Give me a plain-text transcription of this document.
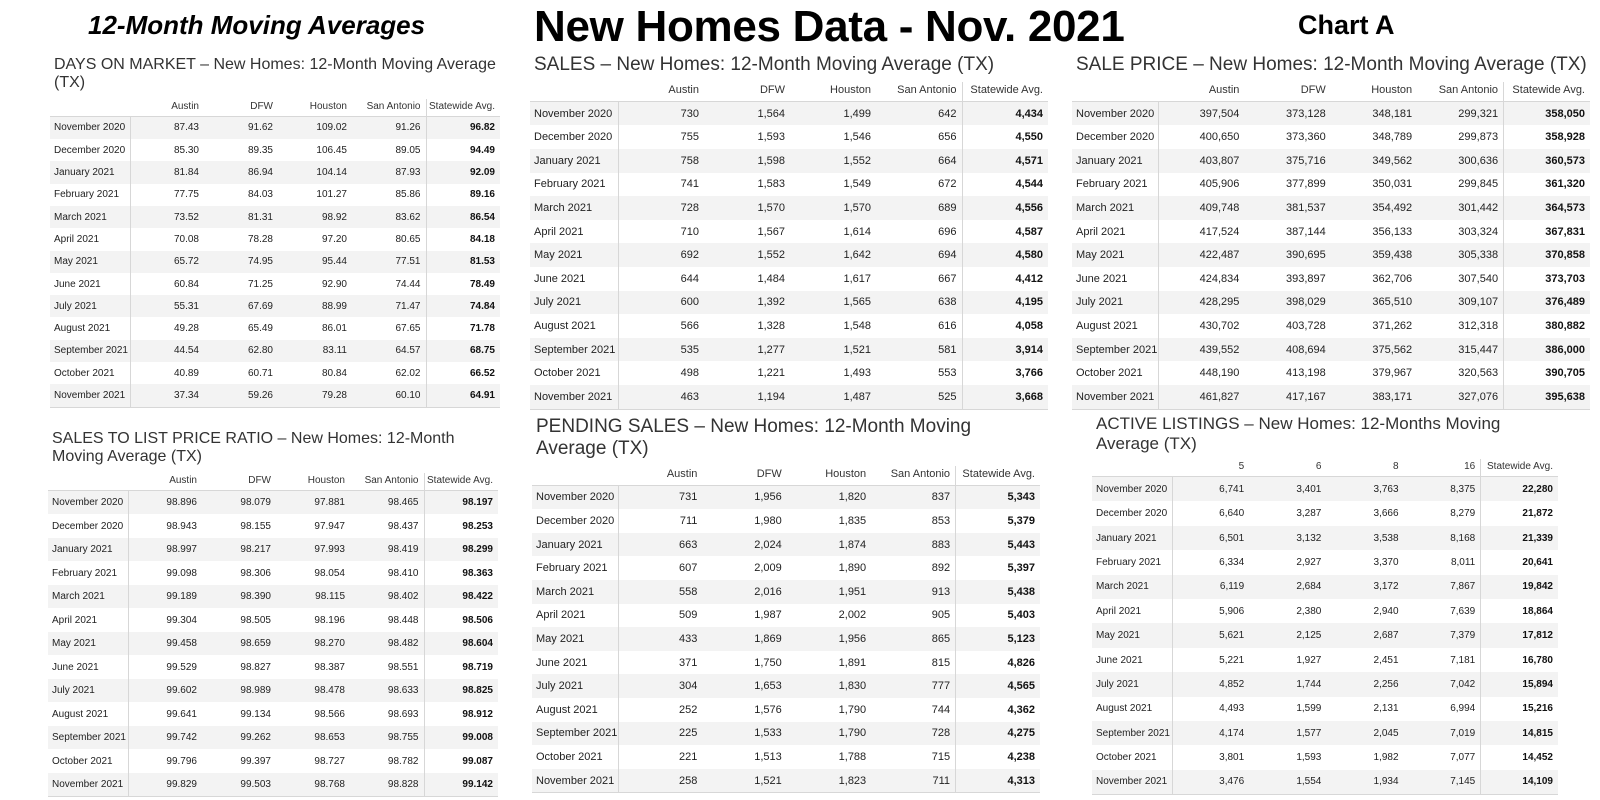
12-Month Moving Averages New Homes Data - Nov. 2021	Chart A
DAYS ON MARKET – New Homes: 12-Month Moving Average (TX)
	Austin	DFW	Houston	San Antonio	Statewide Avg.
November 2020	87.43	91.62	109.02	91.26	96.82
December 2020	85.30	89.35	106.45	89.05	94.49
January 2021	81.84	86.94	104.14	87.93	92.09
February 2021	77.75	84.03	101.27	85.86	89.16
March 2021	73.52	81.31	98.92	83.62	86.54
April 2021	70.08	78.28	97.20	80.65	84.18
May 2021	65.72	74.95	95.44	77.51	81.53
June 2021	60.84	71.25	92.90	74.44	78.49
July 2021	55.31	67.69	88.99	71.47	74.84
August 2021	49.28	65.49	86.01	67.65	71.78
September 2021	44.54	62.80	83.11	64.57	68.75
October 2021	40.89	60.71	80.84	62.02	66.52
November 2021	37.34	59.26	79.28	60.10	64.91
SALES TO LIST PRICE RATIO – New Homes: 12-Month Moving Average (TX)
	Austin	DFW	Houston	San Antonio	Statewide Avg.
November 2020	98.896	98.079	97.881	98.465	98.197
December 2020	98.943	98.155	97.947	98.437	98.253
January 2021	98.997	98.217	97.993	98.419	98.299
February 2021	99.098	98.306	98.054	98.410	98.363
March 2021	99.189	98.390	98.115	98.402	98.422
April 2021	99.304	98.505	98.196	98.448	98.506
May 2021	99.458	98.659	98.270	98.482	98.604
June 2021	99.529	98.827	98.387	98.551	98.719
July 2021	99.602	98.989	98.478	98.633	98.825
August 2021	99.641	99.134	98.566	98.693	98.912
September 2021	99.742	99.262	98.653	98.755	99.008
October 2021	99.796	99.397	98.727	98.782	99.087
November 2021	99.829	99.503	98.768	98.828	99.142
SALES – New Homes: 12-Month Moving Average (TX)
	Austin	DFW	Houston	San Antonio	Statewide Avg.
November 2020	730	1,564	1,499	642	4,434
December 2020	755	1,593	1,546	656	4,550
January 2021	758	1,598	1,552	664	4,571
February 2021	741	1,583	1,549	672	4,544
March 2021	728	1,570	1,570	689	4,556
April 2021	710	1,567	1,614	696	4,587
May 2021	692	1,552	1,642	694	4,580
June 2021	644	1,484	1,617	667	4,412
July 2021	600	1,392	1,565	638	4,195
August 2021	566	1,328	1,548	616	4,058
September 2021	535	1,277	1,521	581	3,914
October 2021	498	1,221	1,493	553	3,766
November 2021	463	1,194	1,487	525	3,668
PENDING SALES – New Homes: 12-Month Moving Average (TX)
	Austin	DFW	Houston	San Antonio	Statewide Avg.
November 2020	731	1,956	1,820	837	5,343
December 2020	711	1,980	1,835	853	5,379
January 2021	663	2,024	1,874	883	5,443
February 2021	607	2,009	1,890	892	5,397
March 2021	558	2,016	1,951	913	5,438
April 2021	509	1,987	2,002	905	5,403
May 2021	433	1,869	1,956	865	5,123
June 2021	371	1,750	1,891	815	4,826
July 2021	304	1,653	1,830	777	4,565
August 2021	252	1,576	1,790	744	4,362
September 2021	225	1,533	1,790	728	4,275
October 2021	221	1,513	1,788	715	4,238
November 2021	258	1,521	1,823	711	4,313
SALE PRICE – New Homes: 12-Month Moving Average (TX)
	Austin	DFW	Houston	San Antonio	Statewide Avg.
November 2020	397,504	373,128	348,181	299,321	358,050
December 2020	400,650	373,360	348,789	299,873	358,928
January 2021	403,807	375,716	349,562	300,636	360,573
February 2021	405,906	377,899	350,031	299,845	361,320
March 2021	409,748	381,537	354,492	301,442	364,573
April 2021	417,524	387,144	356,133	303,324	367,831
May 2021	422,487	390,695	359,438	305,338	370,858
June 2021	424,834	393,897	362,706	307,540	373,703
July 2021	428,295	398,029	365,510	309,107	376,489
August 2021	430,702	403,728	371,262	312,318	380,882
September 2021	439,552	408,694	375,562	315,447	386,000
October 2021	448,190	413,198	379,967	320,563	390,705
November 2021	461,827	417,167	383,171	327,076	395,638
ACTIVE LISTINGS – New Homes: 12-Months Moving Average (TX)
	5	6	8	16	Statewide Avg.
November 2020	6,741	3,401	3,763	8,375	22,280
December 2020	6,640	3,287	3,666	8,279	21,872
January 2021	6,501	3,132	3,538	8,168	21,339
February 2021	6,334	2,927	3,370	8,011	20,641
March 2021	6,119	2,684	3,172	7,867	19,842
April 2021	5,906	2,380	2,940	7,639	18,864
May 2021	5,621	2,125	2,687	7,379	17,812
June 2021	5,221	1,927	2,451	7,181	16,780
July 2021	4,852	1,744	2,256	7,042	15,894
August 2021	4,493	1,599	2,131	6,994	15,216
September 2021	4,174	1,577	2,045	7,019	14,815
October 2021	3,801	1,593	1,982	7,077	14,452
November 2021	3,476	1,554	1,934	7,145	14,109
